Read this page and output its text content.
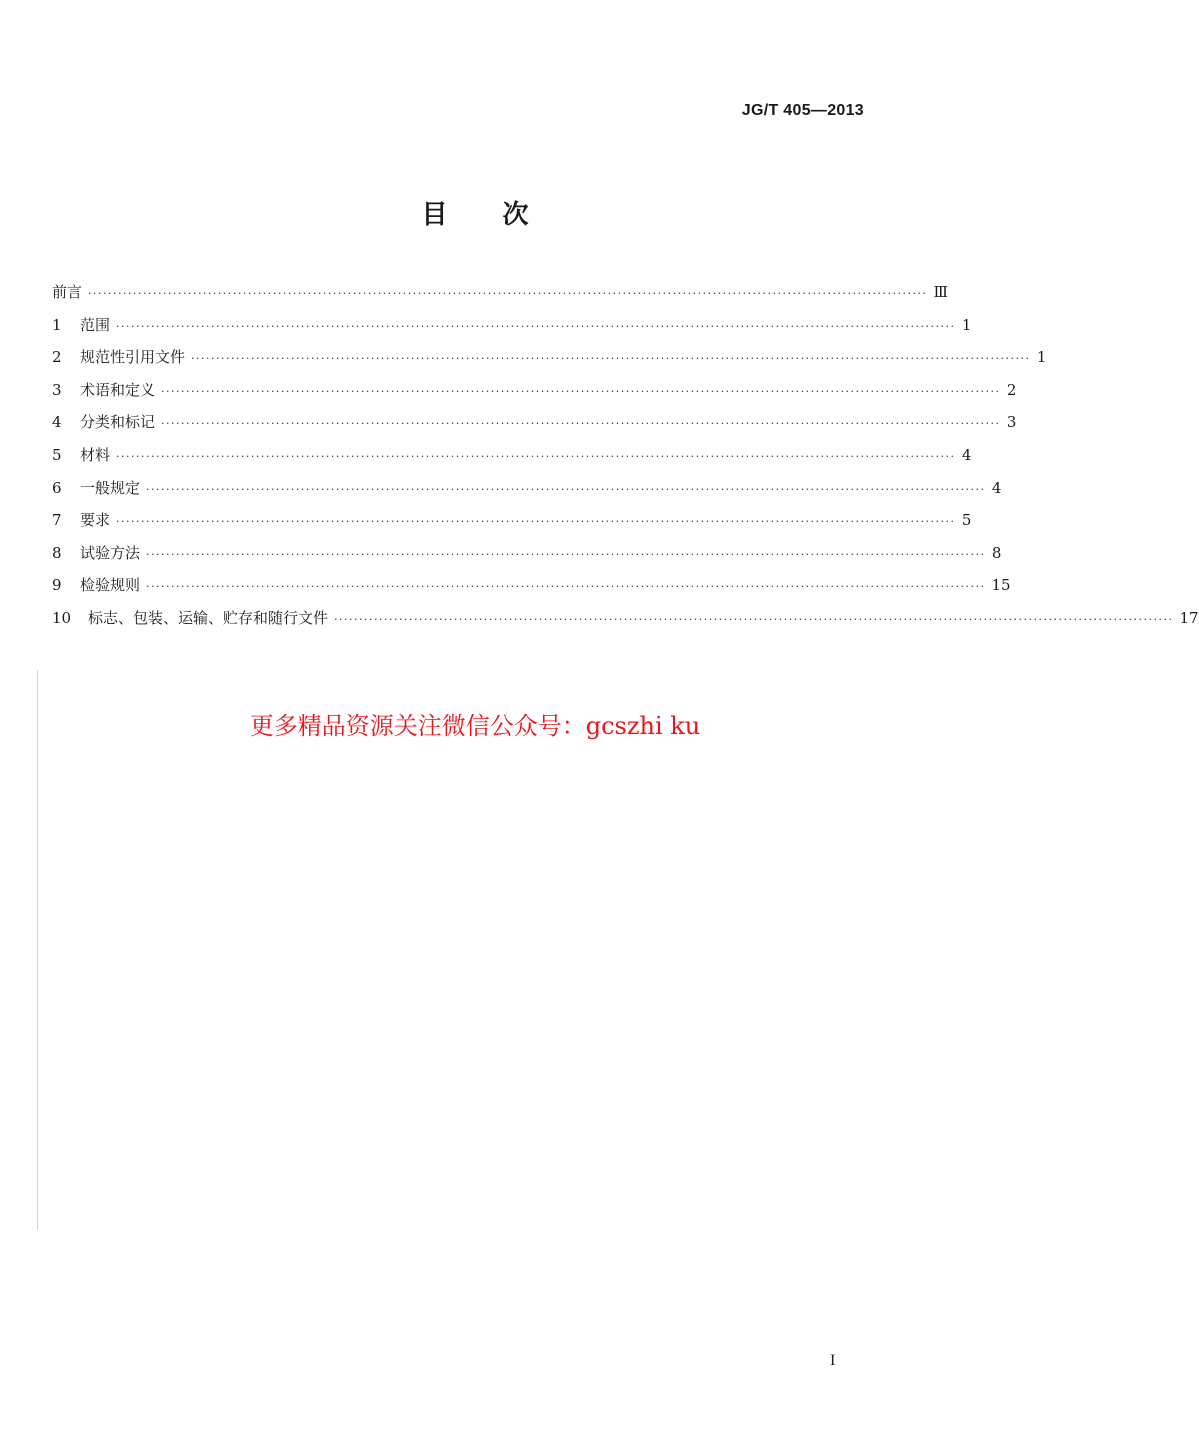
JG/T 405—2013
目 次
前言 ········································································································································································ Ⅲ
1	范围 ········································································································································································ 1
2	规范性引用文件 ········································································································································································ 1
3	术语和定义 ········································································································································································ 2
4	分类和标记 ········································································································································································ 3
5	材料 ········································································································································································ 4
6	一般规定 ········································································································································································ 4
7	要求 ········································································································································································ 5
8	试验方法 ········································································································································································ 8
9	检验规则 ········································································································································································ 15
10	标志、包装、运输、贮存和随行文件 ········································································································································································ 17
更多精品资源关注微信公众号：gcszhi ku
I
